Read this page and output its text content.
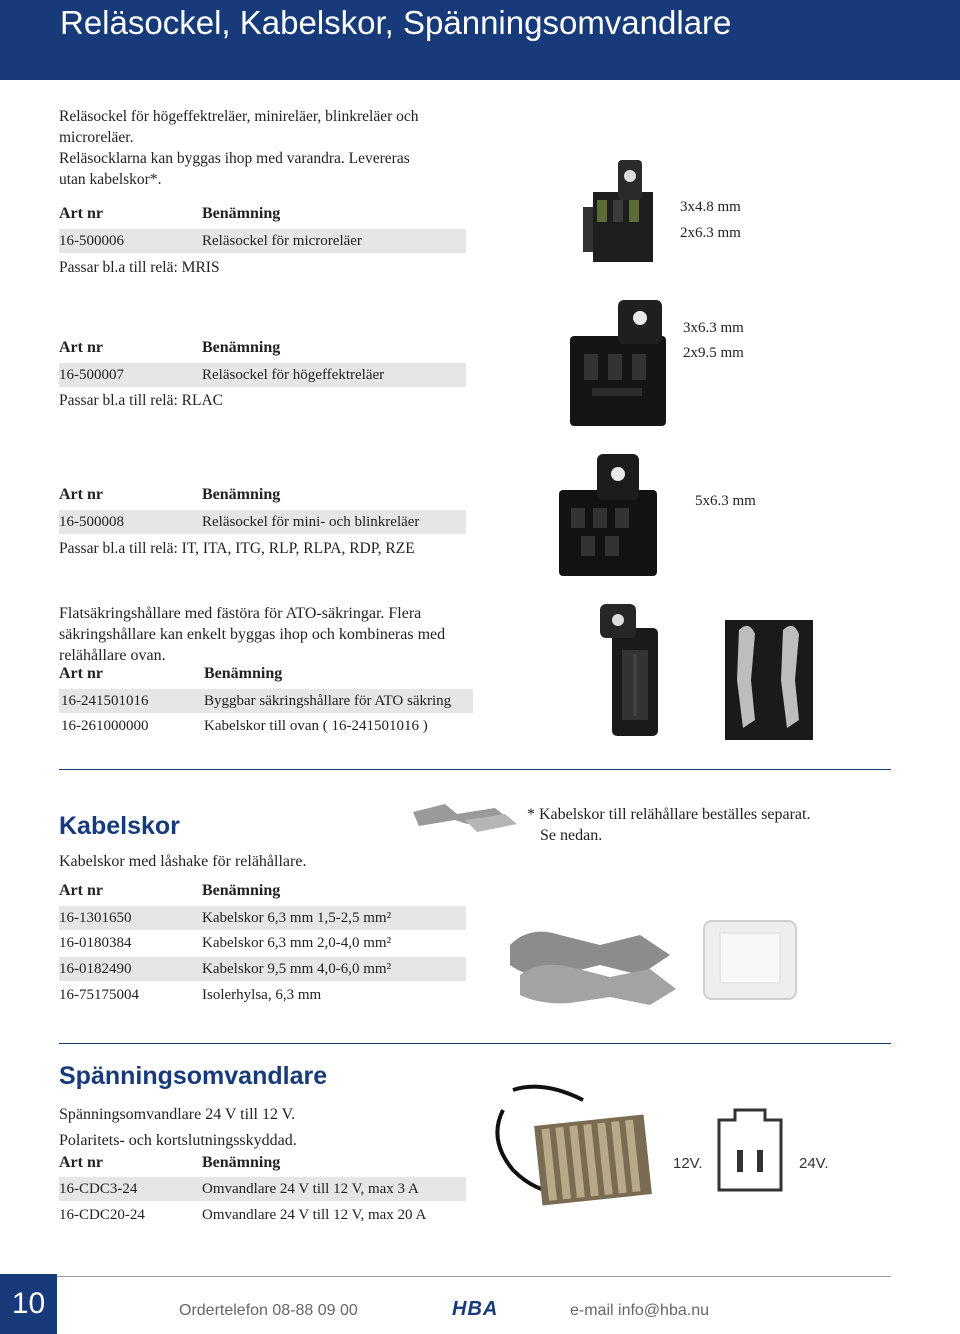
Reläsockel, Kabelskor, Spänningsomvandlare
Reläsockel för högeffektreläer, minireläer, blinkreläer och
microreläer.
Reläsocklarna kan byggas ihop med varandra. Levereras
utan kabelskor*.
Art nr	Benämning
16-500006	Reläsockel för microreläer
Passar bl.a till relä: MRIS
3x4.8 mm
2x6.3 mm
Art nr	Benämning
16-500007	Reläsockel för högeffektreläer
Passar bl.a till relä: RLAC
3x6.3 mm
2x9.5 mm
Art nr	Benämning
16-500008	Reläsockel för mini- och blinkreläer
Passar bl.a till relä: IT, ITA, ITG, RLP, RLPA, RDP, RZE
5x6.3 mm
Flatsäkringshållare med fästöra för ATO-säkringar. Flera
säkringshållare kan enkelt byggas ihop och kombineras med
relähållare ovan.
Art nr	Benämning
16-241501016	Byggbar säkringshållare för ATO säkring
16-261000000	Kabelskor till ovan ( 16-241501016 )
Kabelskor
Kabelskor med låshake för relähållare.
Art nr	Benämning
16-1301650	Kabelskor 6,3 mm 1,5-2,5 mm²
16-0180384	Kabelskor 6,3 mm 2,0-4,0 mm²
16-0182490	Kabelskor 9,5 mm 4,0-6,0 mm²
16-75175004	Isolerhylsa, 6,3 mm
* Kabelskor till relähållare beställes separat.
Se nedan.
Spänningsomvandlare
Spänningsomvandlare 24 V till 12 V.
Polaritets- och kortslutningsskyddad.
Art nr	Benämning
16-CDC3-24	Omvandlare 24 V till 12 V, max 3 A
16-CDC20-24	Omvandlare 24 V till 12 V, max 20 A
12V.	24V.
10	Ordertelefon 08-88 09 00	HBA	e-mail info@hba.nu
